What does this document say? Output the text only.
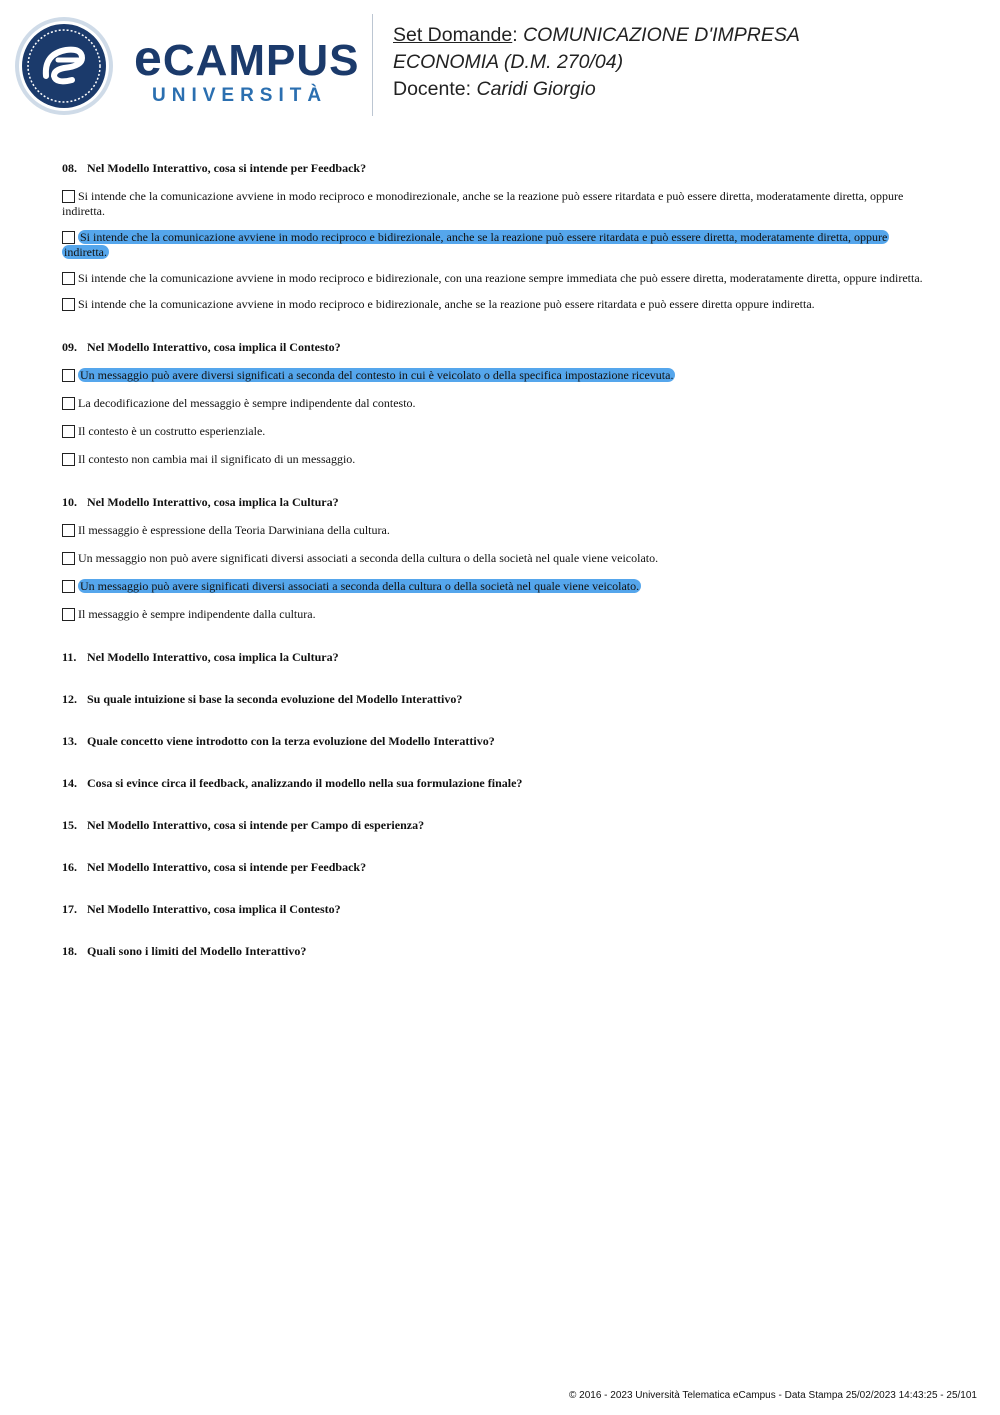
eCAMPUS
UNIVERSITÀ
Set Domande: COMUNICAZIONE D'IMPRESA
ECONOMIA (D.M. 270/04)
Docente: Caridi Giorgio

08. Nel Modello Interattivo, cosa si intende per Feedback?

Si intende che la comunicazione avviene in modo reciproco e monodirezionale, anche se la reazione può essere ritardata e può essere diretta, moderatamente diretta, oppure indiretta.
Si intende che la comunicazione avviene in modo reciproco e bidirezionale, anche se la reazione può essere ritardata e può essere diretta, moderatamente diretta, oppure indiretta.
Si intende che la comunicazione avviene in modo reciproco e bidirezionale, con una reazione sempre immediata che può essere diretta, moderatamente diretta, oppure indiretta.
Si intende che la comunicazione avviene in modo reciproco e bidirezionale, anche se la reazione può essere ritardata e può essere diretta oppure indiretta.

09. Nel Modello Interattivo, cosa implica il Contesto?

Un messaggio può avere diversi significati a seconda del contesto in cui è veicolato o della specifica impostazione ricevuta.
La decodificazione del messaggio è sempre indipendente dal contesto.
Il contesto è un costrutto esperienziale.
Il contesto non cambia mai il significato di un messaggio.

10. Nel Modello Interattivo, cosa implica la Cultura?

Il messaggio è espressione della Teoria Darwiniana della cultura.
Un messaggio non può avere significati diversi associati a seconda della cultura o della società nel quale viene veicolato.
Un messaggio può avere significati diversi associati a seconda della cultura o della società nel quale viene veicolato.
Il messaggio è sempre indipendente dalla cultura.

11. Nel Modello Interattivo, cosa implica la Cultura?

12. Su quale intuizione si base la seconda evoluzione del Modello Interattivo?

13. Quale concetto viene introdotto con la terza evoluzione del Modello Interattivo?

14. Cosa si evince circa il feedback, analizzando il modello nella sua formulazione finale?

15. Nel Modello Interattivo, cosa si intende per Campo di esperienza?

16. Nel Modello Interattivo, cosa si intende per Feedback?

17. Nel Modello Interattivo, cosa implica il Contesto?

18. Quali sono i limiti del Modello Interattivo?

© 2016 - 2023 Università Telematica eCampus - Data Stampa 25/02/2023 14:43:25 - 25/101
